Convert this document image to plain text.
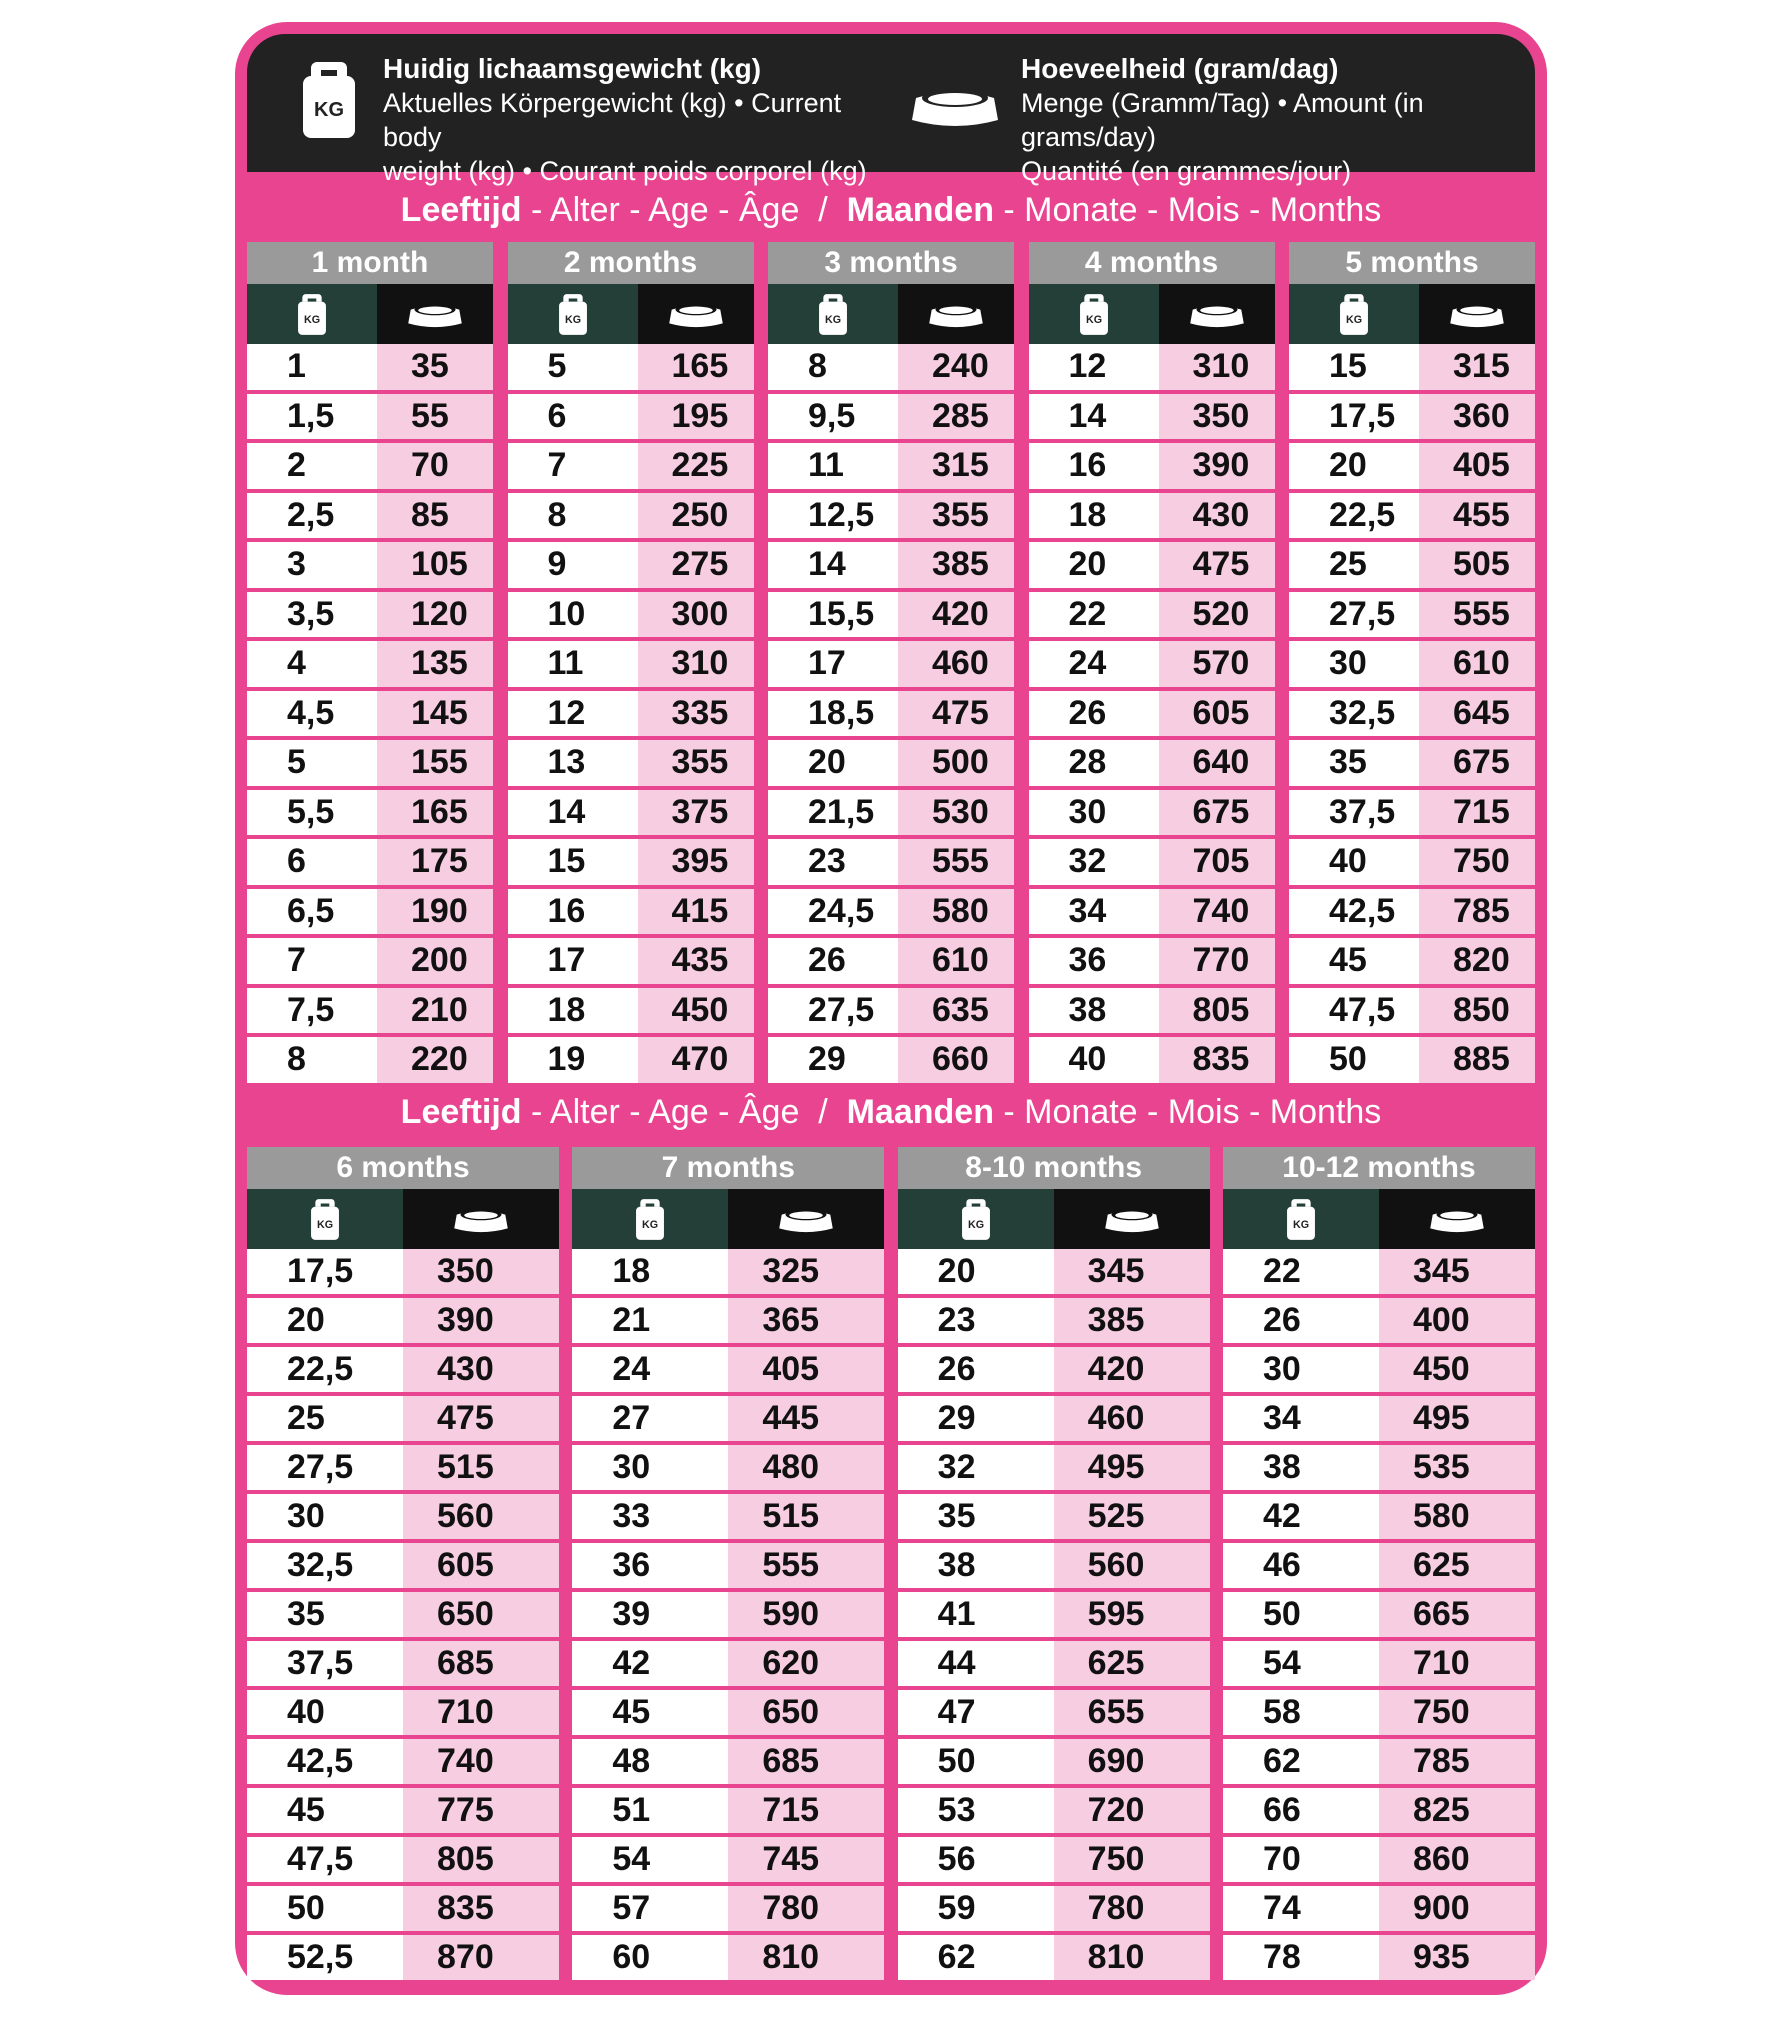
KG
Huidig lichaamsgewicht (kg)
Aktuelles Körpergewicht (kg) • Current body
weight (kg) • Courant poids corporel (kg)
Hoeveelheid (gram/dag)
Menge (Gramm/Tag) • Amount (in grams/day)
Quantité (en grammes/jour)
Leeftijd - Alter - Age - Âge  /  Maanden - Monate - Mois - Months
1 month
KG
1	35
1,5	55
2	70
2,5	85
3	105
3,5	120
4	135
4,5	145
5	155
5,5	165
6	175
6,5	190
7	200
7,5	210
8	220
2 months
KG
5	165
6	195
7	225
8	250
9	275
10	300
11	310
12	335
13	355
14	375
15	395
16	415
17	435
18	450
19	470
3 months
KG
8	240
9,5	285
11	315
12,5	355
14	385
15,5	420
17	460
18,5	475
20	500
21,5	530
23	555
24,5	580
26	610
27,5	635
29	660
4 months
KG
12	310
14	350
16	390
18	430
20	475
22	520
24	570
26	605
28	640
30	675
32	705
34	740
36	770
38	805
40	835
5 months
KG
15	315
17,5	360
20	405
22,5	455
25	505
27,5	555
30	610
32,5	645
35	675
37,5	715
40	750
42,5	785
45	820
47,5	850
50	885
Leeftijd - Alter - Age - Âge  /  Maanden - Monate - Mois - Months
6 months
KG
17,5	350
20	390
22,5	430
25	475
27,5	515
30	560
32,5	605
35	650
37,5	685
40	710
42,5	740
45	775
47,5	805
50	835
52,5	870
7 months
KG
18	325
21	365
24	405
27	445
30	480
33	515
36	555
39	590
42	620
45	650
48	685
51	715
54	745
57	780
60	810
8-10 months
KG
20	345
23	385
26	420
29	460
32	495
35	525
38	560
41	595
44	625
47	655
50	690
53	720
56	750
59	780
62	810
10-12 months
KG
22	345
26	400
30	450
34	495
38	535
42	580
46	625
50	665
54	710
58	750
62	785
66	825
70	860
74	900
78	935
